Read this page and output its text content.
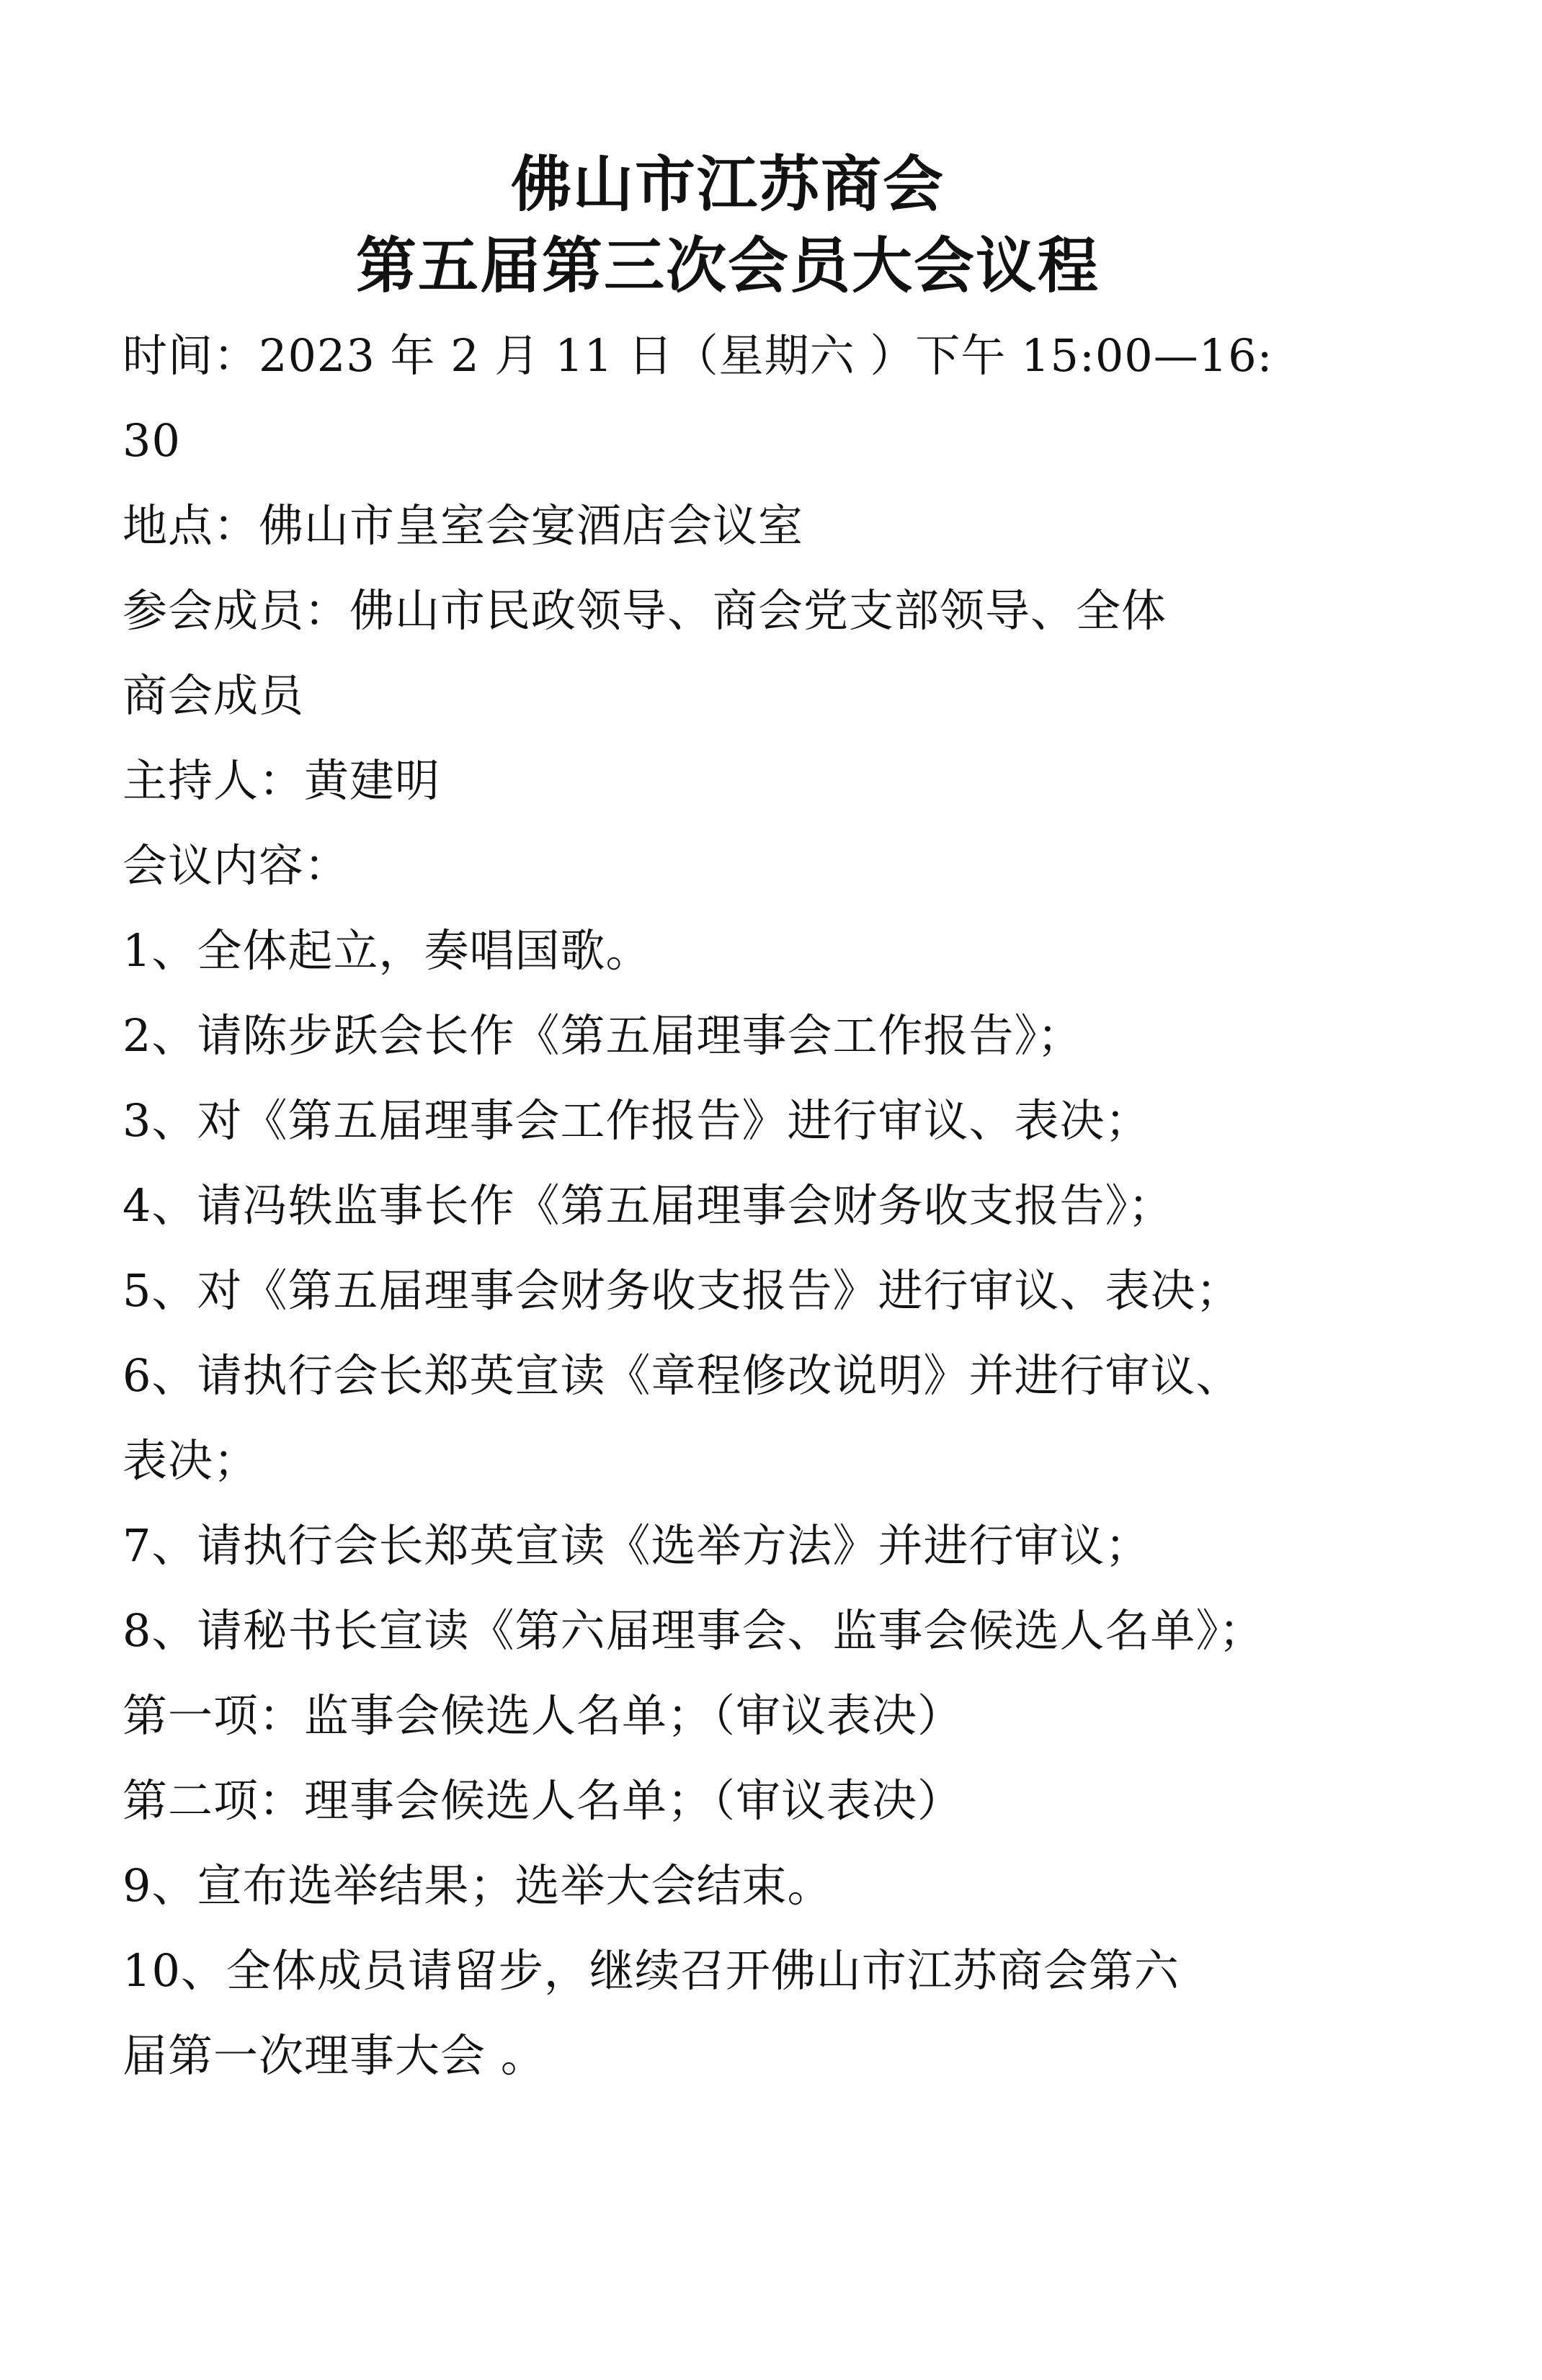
佛山市江苏商会
第五届第三次会员大会议程

时间：2023 年 2 月 11 日（星期六 ）下午 15:00—16:
30

地点：佛山市皇室会宴酒店会议室

参会成员：佛山市民政领导、商会党支部领导、全体
商会成员

主持人：黄建明

会议内容：

1、全体起立，奏唱国歌。

2、请陈步跃会长作《第五届理事会工作报告》；

3、对《第五届理事会工作报告》进行审议、表决；

4、请冯轶监事长作《第五届理事会财务收支报告》；

5、对《第五届理事会财务收支报告》进行审议、表决；

6、请执行会长郑英宣读《章程修改说明》并进行审议、
表决；

7、请执行会长郑英宣读《选举方法》并进行审议；

8、请秘书长宣读《第六届理事会、监事会候选人名单》；

第一项：监事会候选人名单；（审议表决）

第二项：理事会候选人名单；（审议表决）

9、宣布选举结果；选举大会结束。

10、全体成员请留步，继续召开佛山市江苏商会第六
届第一次理事大会 。
